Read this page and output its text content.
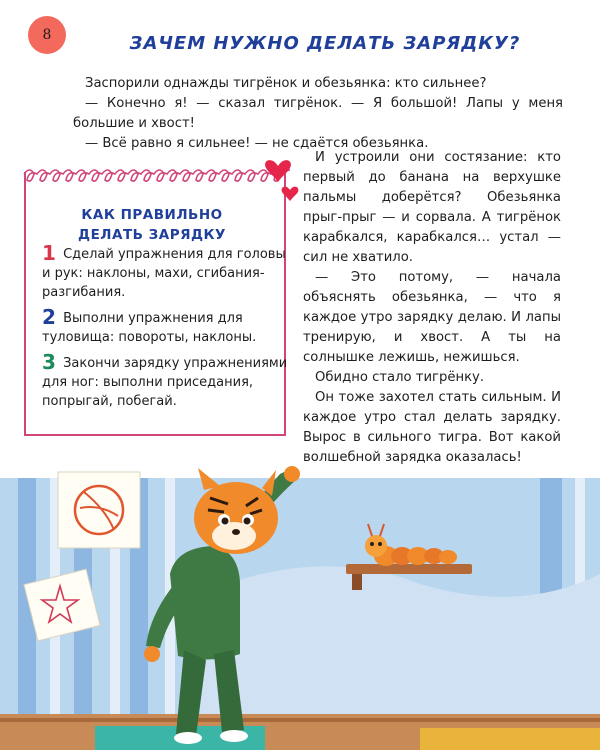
8	ЗАЧЕМ НУЖНО ДЕЛАТЬ ЗАРЯДКУ?

Заспорили однажды тигрёнок и обезьянка: кто сильнее?

— Конечно я! — сказал тигрёнок. — Я большой! Лапы у меня большие и хвост!

— Всё равно я сильнее! — не сдаётся обезьянка.

И устроили они состязание: кто первый до банана на верхушке пальмы доберётся? Обезьянка прыг-прыг — и сорвала. А тигрёнок карабкался, карабкался… устал — сил не хватило.

— Это потому, — начала объяснять обезьянка, — что я каждое утро зарядку делаю. И лапы тренирую, и хвост. А ты на солнышке лежишь, нежишься.

Обидно стало тигрёнку.

Он тоже захотел стать сильным. И каждое утро стал делать зарядку. Вырос в сильного тигра. Вот какой волшебной зарядка оказалась!

КАК ПРАВИЛЬНО
ДЕЛАТЬ ЗАРЯДКУ
1 Сделай упражнения для головы и рук: наклоны, махи, сгибания-разгибания.
2 Выполни упражнения для туловища: повороты, наклоны.
3 Закончи зарядку упражнениями для ног: выполни приседания, попрыгай, побегай.
